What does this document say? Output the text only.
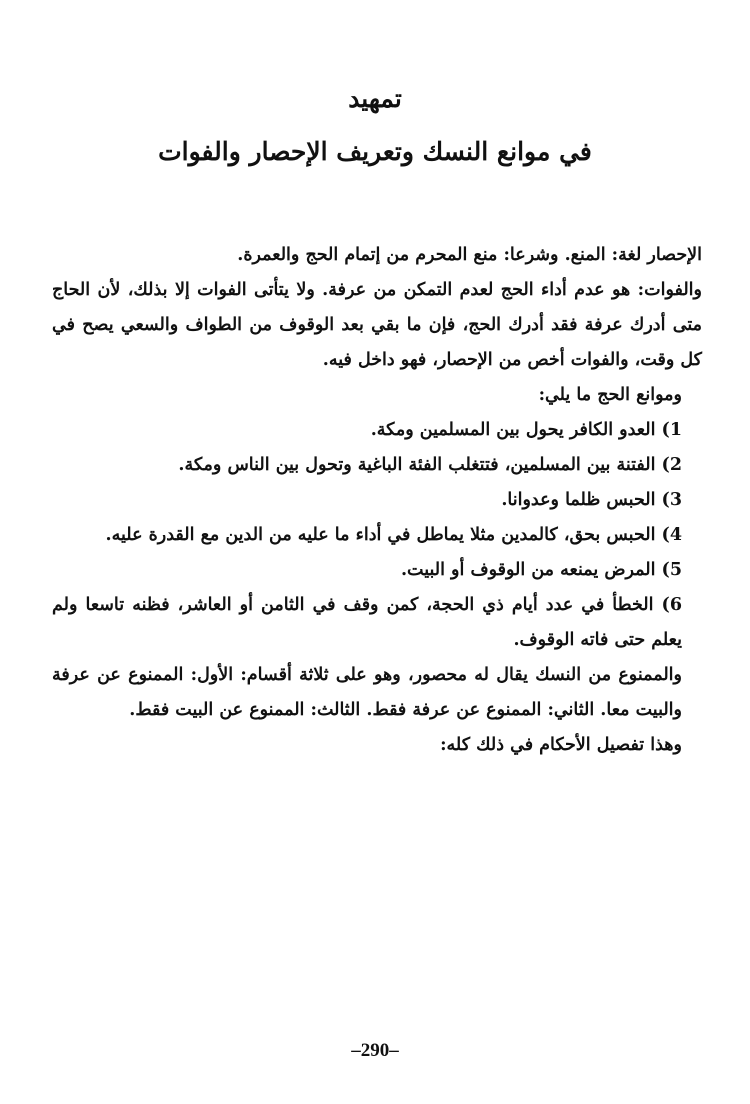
تمهيد
في موانع النسك وتعريف الإحصار والفوات

الإحصار لغة: المنع. وشرعا: منع المحرم من إتمام الحج والعمرة.

والفوات: هو عدم أداء الحج لعدم التمكن من عرفة. ولا يتأتى الفوات إلا بذلك، لأن الحاج متى أدرك عرفة فقد أدرك الحج، فإن ما بقي بعد الوقوف من الطواف والسعي يصح في كل وقت، والفوات أخص من الإحصار، فهو داخل فيه.

وموانع الحج ما يلي:

1) العدو الكافر يحول بين المسلمين ومكة.

2) الفتنة بين المسلمين، فتتغلب الفئة الباغية وتحول بين الناس ومكة.

3) الحبس ظلما وعدوانا.

4) الحبس بحق، كالمدين مثلا يماطل في أداء ما عليه من الدين مع القدرة عليه.

5) المرض يمنعه من الوقوف أو البيت.

6) الخطأ في عدد أيام ذي الحجة، كمن وقف في الثامن أو العاشر، فظنه تاسعا ولم يعلم حتى فاته الوقوف.

والممنوع من النسك يقال له محصور، وهو على ثلاثة أقسام: الأول: الممنوع عن عرفة والبيت معا. الثاني: الممنوع عن عرفة فقط. الثالث: الممنوع عن البيت فقط.

وهذا تفصيل الأحكام في ذلك كله:

–290–
